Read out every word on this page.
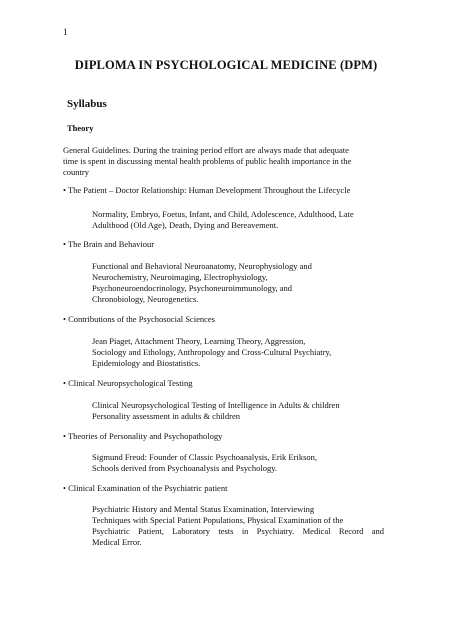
1
DIPLOMA IN PSYCHOLOGICAL MEDICINE (DPM)
Syllabus
Theory
General Guidelines. During the training period effort are always made that adequate
time is spent in discussing mental health problems of public health importance in the
country
• The Patient – Doctor Relationship: Human Development Throughout the Lifecycle
Normality, Embryo, Foetus, Infant, and Child, Adolescence, Adulthood, Late
Adulthood (Old Age), Death, Dying and Bereavement.
• The Brain and Behaviour
Functional and Behavioral Neuroanatomy, Neurophysiology and
Neurochemistry, Neuroimaging, Electrophysiology,
Psychoneuroendocrinology, Psychoneuroimmunology, and
Chronobiology, Neurogenetics.
• Contributions of the Psychosocial Sciences
Jean Piaget, Attachment Theory, Learning Theory, Aggression,
Sociology and Ethology, Anthropology and Cross-Cultural Psychiatry,
Epidemiology and Biostatistics.
• Clinical Neuropsychological Testing
Clinical Neuropsychological Testing of Intelligence in Adults & children
Personality assessment in adults & children
• Theories of Personality and Psychopathology
Sigmund Freud: Founder of Classic Psychoanalysis, Erik Erikson,
Schools derived from Psychoanalysis and Psychology.
• Clinical Examination of the Psychiatric patient
Psychiatric History and Mental Status Examination, Interviewing
Techniques with Special Patient Populations, Physical Examination of the
Psychiatric Patient, Laboratory tests in Psychiatry. Medical Record and
Medical Error.
